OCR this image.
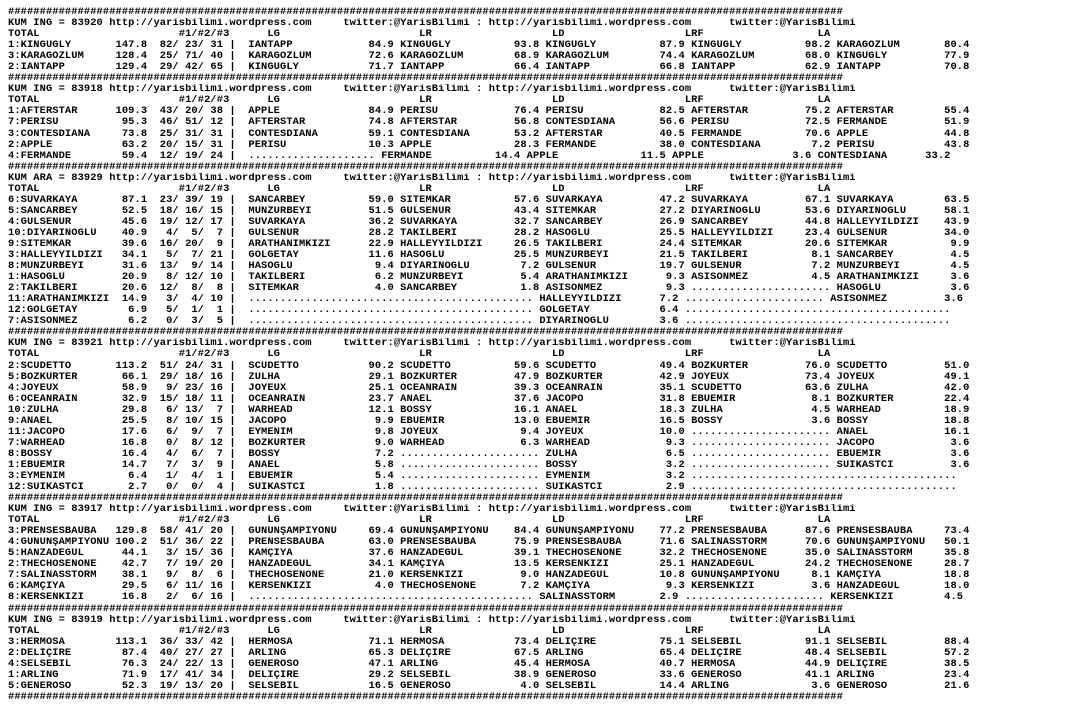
####################################################################################################################################
KUM ING = 83920 http://yarisbilimi.wordpress.com     twitter:@YarisBilimi : http://yarisbilimi.wordpress.com      twitter:@YarisBilimi
TOTAL                      #1/#2/#3      LG                      LR                   LD                   LRF                  LA
1:KINGUGLY       147.8  82/ 23/ 31 |  IANTAPP            84.9 KINGUGLY          93.8 KINGUGLY          87.9 KINGUGLY          98.2 KARAGÖZLÜM       80.4
3:KARAGÖZLÜM     128.4  25/ 71/ 40 |  KARAGÖZLÜM         72.6 KARAGÖZLÜM        68.9 KARAGÖZLÜM        74.4 KARAGÖZLÜM        68.0 KINGUGLY         77.9
2:IANTAPP        129.4  29/ 42/ 65 |  KINGUGLY           71.7 IANTAPP           66.4 IANTAPP           66.8 IANTAPP           62.9 IANTAPP          70.8
####################################################################################################################################
KUM ING = 83918 http://yarisbilimi.wordpress.com     twitter:@YarisBilimi : http://yarisbilimi.wordpress.com      twitter:@YarisBilimi
TOTAL                      #1/#2/#3      LG                      LR                   LD                   LRF                  LA
1:AFTERSTAR      109.3  43/ 20/ 38 |  APPLE              84.9 PERİSU            76.4 PERİSU            82.5 AFTERSTAR         75.2 AFTERSTAR        55.4
7:PERİSU          95.3  46/ 51/ 12 |  AFTERSTAR          74.8 AFTERSTAR         56.8 CONTESDIANA       56.6 PERİSU            72.5 FERMANDE         51.9
3:CONTESDIANA     73.8  25/ 31/ 31 |  CONTESDIANA        59.1 CONTESDIANA       53.2 AFTERSTAR         40.5 FERMANDE          70.6 APPLE            44.8
2:APPLE           63.2  20/ 15/ 31 |  PERİSU             10.3 APPLE             28.3 FERMANDE          38.0 CONTESDIANA        7.2 PERİSU           43.8
4:FERMANDE        59.4  12/ 19/ 24 |  .................... FERMANDE          14.4 APPLE             11.5 APPLE              3.6 CONTESDIANA      33.2
####################################################################################################################################
KUM ARA = 83929 http://yarisbilimi.wordpress.com     twitter:@YarisBilimi : http://yarisbilimi.wordpress.com      twitter:@YarisBilimi
TOTAL                      #1/#2/#3      LG                      LR                   LD                   LRF                  LA
6:SUVARKAYA       87.1  23/ 39/ 19 |  SANCARBEY          59.0 SİTEMKAR          57.6 SUVARKAYA         47.2 SUVARKAYA         67.1 SUVARKAYA        63.5
5:SANCARBEY       52.5  18/ 16/ 15 |  MUNZURBEYİ         51.5 GÜLSENUR          43.4 SİTEMKAR          27.2 DİYARINOĞLU       53.6 DİYARINOĞLU      58.1
4:GÜLSENUR        45.6  19/ 12/ 17 |  SUVARKAYA          36.2 SUVARKAYA         32.7 SANCARBEY         26.9 SANCARBEY         44.8 HALLEYYILDIZI    43.9
10:DİYARINOĞLU    40.9   4/  5/  7 |  GÜLSENUR           28.2 TAKILBERİ         28.2 HASOĞLU           25.5 HALLEYYILDIZI     23.4 GÜLSENUR         34.0
9:SİTEMKAR        39.6  16/ 20/  9 |  ARATHANIMKIZI      22.9 HALLEYYILDIZI     26.5 TAKILBERİ         24.4 SİTEMKAR          20.6 SİTEMKAR          9.9
3:HALLEYYILDIZI   34.1   5/  7/ 21 |  GÖLGETAY           11.6 HASOĞLU           25.5 MUNZURBEYİ        21.5 TAKILBERİ          8.1 SANCARBEY         4.5
8:MUNZURBEYİ      31.6  13/  9/ 14 |  HASOĞLU             9.4 DİYARINOĞLU        7.2 GÜLSENUR          19.7 GÜLSENUR           7.2 MUNZURBEYİ        4.5
1:HASOĞLU         20.9   8/ 12/ 10 |  TAKILBERİ           6.2 MUNZURBEYİ         5.4 ARATHANIMKIZI      9.3 ASİSÖNMEZ          4.5 ARATHANIMKIZI     3.6
2:TAKILBERİ       20.6  12/  8/  8 |  SİTEMKAR            4.0 SANCARBEY          1.8 ASİSÖNMEZ          9.3 ...................... HASOĞLU           3.6
11:ARATHANIMKIZI  14.9   3/  4/ 10 |  ............................................. HALLEYYILDIZI      7.2 ...................... ASİSÖNMEZ         3.6
12:GÖLGETAY        6.9   5/  1/  1 |  ............................................. GÖLGETAY           6.4 ..........................................
7:ASİSÖNMEZ        6.2   0/  3/  5 |  ............................................. DİYARINOĞLU        3.6 ..........................................
####################################################################################################################################
KUM ING = 83921 http://yarisbilimi.wordpress.com     twitter:@YarisBilimi : http://yarisbilimi.wordpress.com      twitter:@YarisBilimi
TOTAL                      #1/#2/#3      LG                      LR                   LD                   LRF                  LA
2:SCUDETTO       113.2  51/ 24/ 31 |  SCUDETTO           90.2 SCUDETTO          59.6 SCUDETTO          49.4 BOZKURTER         76.0 SCUDETTO         51.0
5:BOZKURTER       66.1  29/ 18/ 16 |  ZÜLHA              29.1 BOZKURTER         47.9 BOZKURTER         42.9 JOYEUX            73.4 JOYEUX           49.1
4:JOYEUX          58.9   9/ 23/ 16 |  JOYEUX             25.1 OCEANRAIN         39.3 OCEANRAIN         35.1 SCUDETTO          63.6 ZÜLHA            42.0
6:OCEANRAIN       32.9  15/ 18/ 11 |  OCEANRAIN          23.7 ANAEL             37.6 JACOPO            31.8 EBUEMİR            8.1 BOZKURTER        22.4
10:ZÜLHA          29.8   6/ 13/  7 |  WARHEAD            12.1 BOSSY             16.1 ANAEL             18.3 ZÜLHA              4.5 WARHEAD          18.9
9:ANAEL           25.5   8/ 10/ 15 |  JACOPO              9.9 EBUEMİR           13.0 EBUEMİR           16.5 BOSSY              3.6 BOSSY            18.8
11:JACOPO         17.6   6/  9/  7 |  EYMENİM             9.8 JOYEUX             9.4 JOYEUX            10.0 ...................... ANAEL            16.1
7:WARHEAD         16.8   0/  8/ 12 |  BOZKURTER           9.0 WARHEAD            6.3 WARHEAD            9.3 ...................... JACOPO            3.6
8:BOSSY           16.4   4/  6/  7 |  BOSSY               7.2 ...................... ZÜLHA              6.5 ...................... EBUEMİR           3.6
1:EBUEMİR         14.7   7/  3/  9 |  ANAEL               5.8 ...................... BOSSY              3.2 ...................... SUİKASTCİ         3.6
3:EYMENİM          6.4   1/  4/  1 |  EBUEMİR             5.4 ...................... EYMENİM            3.2 ..........................................
12:SUİKASTCİ       2.7   0/  0/  4 |  SUİKASTCİ           1.8 ...................... SUİKASTCİ          2.9 ..........................................
####################################################################################################################################
KUM ING = 83917 http://yarisbilimi.wordpress.com     twitter:@YarisBilimi : http://yarisbilimi.wordpress.com      twitter:@YarisBilimi
TOTAL                      #1/#2/#3      LG                      LR                   LD                   LRF                  LA
3:PRENSESBAUBA   129.8  58/ 41/ 20 |  GÜNÜNŞAMPİYONU     69.4 GÜNÜNŞAMPİYONU    84.4 GÜNÜNŞAMPİYONU    77.2 PRENSESBAUBA      87.6 PRENSESBAUBA     73.4
4:GÜNÜNŞAMPİYONU 100.2  51/ 36/ 22 |  PRENSESBAUBA       63.0 PRENSESBAUBA      75.9 PRENSESBAUBA      71.6 SALINASSTORM      70.6 GÜNÜNŞAMPİYONU   50.1
5:HANZADEGÜL      44.1   3/ 15/ 36 |  KAMÇIYA            37.6 HANZADEGÜL        39.1 THECHOSENONE      32.2 THECHOSENONE      35.0 SALINASSTORM     35.8
2:THECHOSENONE    42.7   7/ 19/ 20 |  HANZADEGÜL         34.1 KAMÇIYA           13.5 KERSENKIZI        25.1 HANZADEGÜL        24.2 THECHOSENONE     28.7
7:SALINASSTORM    38.1   9/  8/  6 |  THECHOSENONE       21.0 KERSENKIZI         9.0 HANZADEGÜL        10.8 GÜNÜNŞAMPİYONU     8.1 KAMÇIYA          18.8
6:KAMÇIYA         29.5   6/ 11/ 16 |  KERSENKIZI          4.0 THECHOSENONE       7.2 KAMÇIYA            9.3 KERSENKIZI         3.6 HANZADEGÜL       18.0
8:KERSENKIZI      16.8   2/  6/ 16 |  ............................................. SALINASSTORM       2.9 ...................... KERSENKIZI        4.5
####################################################################################################################################
KUM ING = 83919 http://yarisbilimi.wordpress.com     twitter:@YarisBilimi : http://yarisbilimi.wordpress.com      twitter:@YarisBilimi
TOTAL                      #1/#2/#3      LG                      LR                   LD                   LRF                  LA
3:HERMOSA        113.1  36/ 33/ 42 |  HERMOSA            71.1 HERMOSA           73.4 DELİÇİRE          75.1 SELSEBİL          91.1 SELSEBİL         88.4
2:DELİÇİRE        87.4  40/ 27/ 27 |  ARLING             65.3 DELİÇİRE          67.5 ARLING            65.4 DELİÇİRE          48.4 SELSEBİL         57.2
4:SELSEBİL        76.3  24/ 22/ 13 |  GENEROSO           47.1 ARLING            45.4 HERMOSA           40.7 HERMOSA           44.9 DELİÇİRE         38.5
1:ARLING          71.9  17/ 41/ 34 |  DELİÇİRE           29.2 SELSEBİL          38.9 GENEROSO          33.6 GENEROSO          41.1 ARLING           23.4
5:GENEROSO        52.3  19/ 13/ 20 |  SELSEBİL           16.5 GENEROSO           4.0 SELSEBİL          14.4 ARLING             3.6 GENEROSO         21.6
####################################################################################################################################
